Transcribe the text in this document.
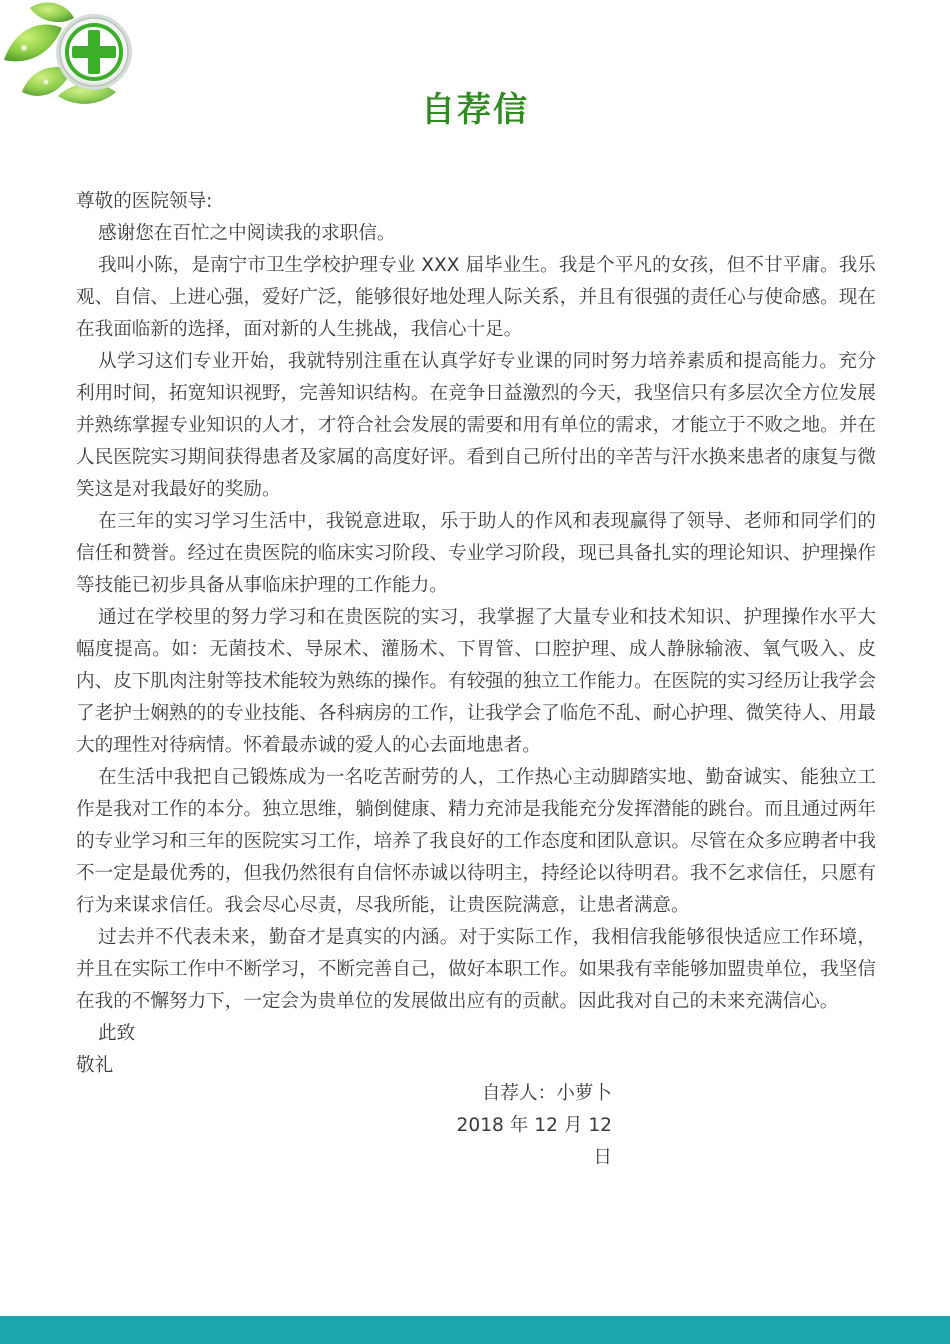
自荐信

尊敬的医院领导:

感谢您在百忙之中阅读我的求职信。

我叫小陈，是南宁市卫生学校护理专业 XXX 届毕业生。我是个平凡的女孩，但不甘平庸。我乐观、自信、上进心强，爱好广泛，能够很好地处理人际关系，并且有很强的责任心与使命感。现在在我面临新的选择，面对新的人生挑战，我信心十足。

从学习这们专业开始，我就特别注重在认真学好专业课的同时努力培养素质和提高能力。充分利用时间，拓宽知识视野，完善知识结构。在竞争日益激烈的今天，我坚信只有多层次全方位发展并熟练掌握专业知识的人才，才符合社会发展的需要和用有单位的需求，才能立于不败之地。并在人民医院实习期间获得患者及家属的高度好评。看到自己所付出的辛苦与汗水换来患者的康复与微笑这是对我最好的奖励。

在三年的实习学习生活中，我锐意进取，乐于助人的作风和表现赢得了领导、老师和同学们的信任和赞誉。经过在贵医院的临床实习阶段、专业学习阶段，现已具备扎实的理论知识、护理操作等技能已初步具备从事临床护理的工作能力。

通过在学校里的努力学习和在贵医院的实习，我掌握了大量专业和技术知识、护理操作水平大幅度提高。如：无菌技术、导尿术、灌肠术、下胃管、口腔护理、成人静脉输液、氧气吸入、皮内、皮下肌肉注射等技术能较为熟练的操作。有较强的独立工作能力。在医院的实习经历让我学会了老护士娴熟的的专业技能、各科病房的工作，让我学会了临危不乱、耐心护理、微笑待人、用最大的理性对待病情。怀着最赤诚的爱人的心去面地患者。

在生活中我把自己锻炼成为一名吃苦耐劳的人，工作热心主动脚踏实地、勤奋诚实、能独立工作是我对工作的本分。独立思维，躺倒健康、精力充沛是我能充分发挥潜能的跳台。而且通过两年的专业学习和三年的医院实习工作，培养了我良好的工作态度和团队意识。尽管在众多应聘者中我不一定是最优秀的，但我仍然很有自信怀赤诚以待明主，持经论以待明君。我不乞求信任，只愿有行为来谋求信任。我会尽心尽责，尽我所能，让贵医院满意，让患者满意。

过去并不代表未来，勤奋才是真实的内涵。对于实际工作，我相信我能够很快适应工作环境，并且在实际工作中不断学习，不断完善自己，做好本职工作。如果我有幸能够加盟贵单位，我坚信在我的不懈努力下，一定会为贵单位的发展做出应有的贡献。因此我对自己的未来充满信心。

此致

敬礼

自荐人：小萝卜
2018 年 12 月 12 日
